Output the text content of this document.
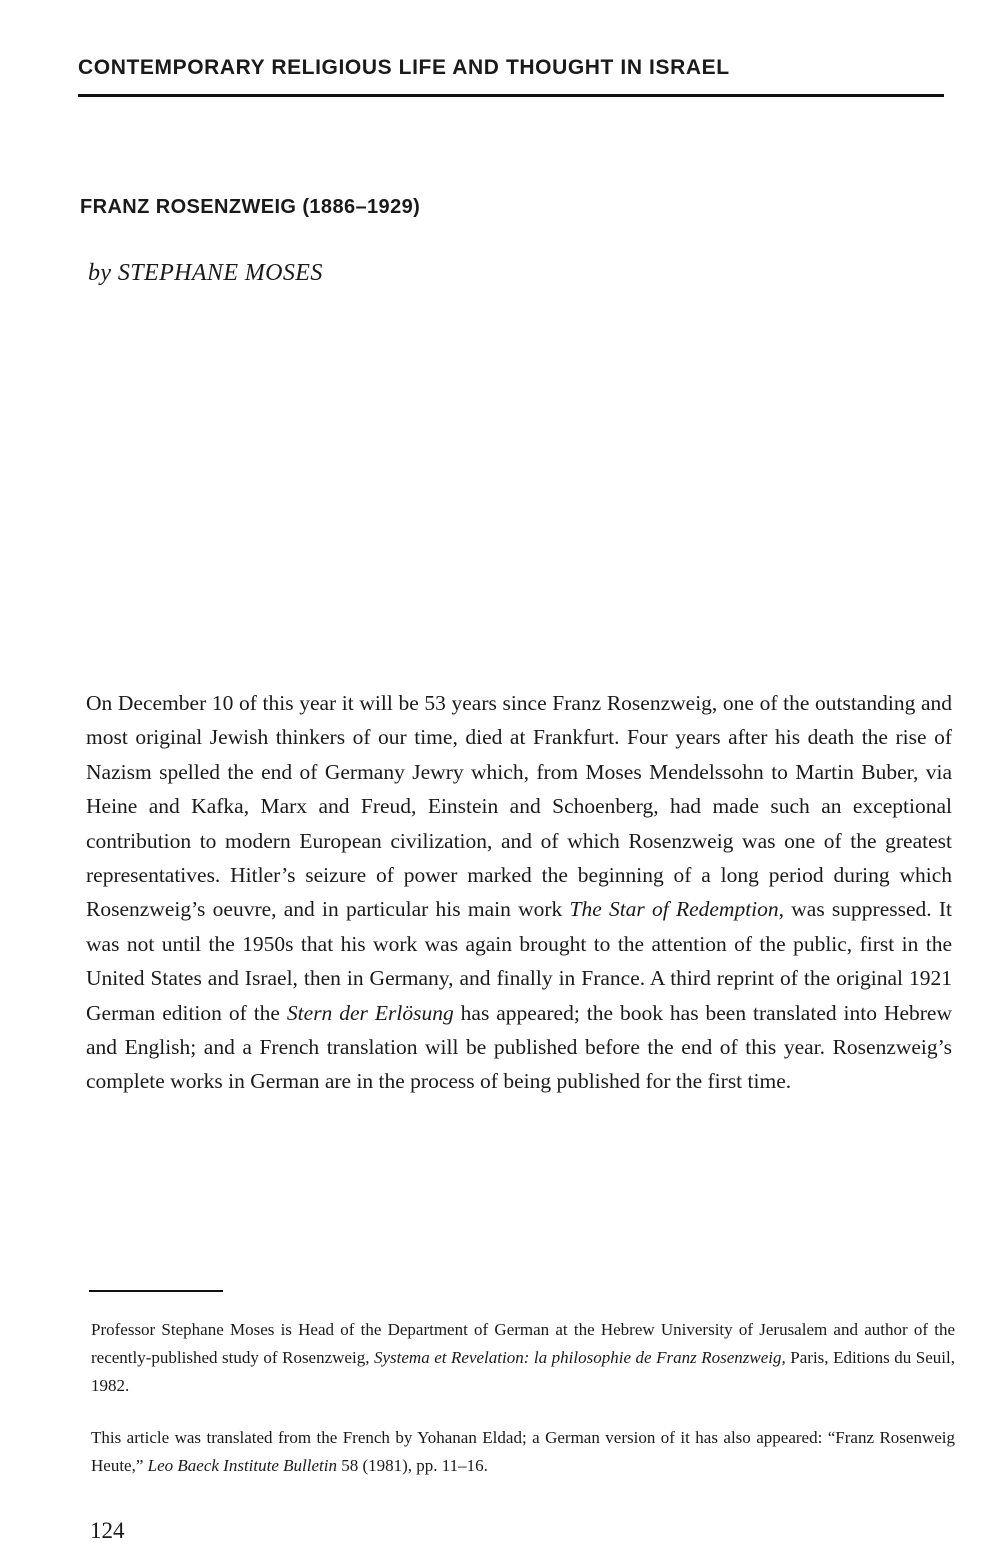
CONTEMPORARY RELIGIOUS LIFE AND THOUGHT IN ISRAEL
FRANZ ROSENZWEIG (1886–1929)
by STEPHANE MOSES

On December 10 of this year it will be 53 years since Franz Rosenzweig, one of the outstanding and most original Jewish thinkers of our time, died at Frankfurt. Four years after his death the rise of Nazism spelled the end of Germany Jewry which, from Moses Mendelssohn to Martin Buber, via Heine and Kafka, Marx and Freud, Einstein and Schoenberg, had made such an exceptional contribution to modern European civilization, and of which Rosenzweig was one of the greatest representatives. Hitler’s seizure of power marked the beginning of a long period during which Rosenzweig’s oeuvre, and in particular his main work The Star of Redemption, was suppressed. It was not until the 1950s that his work was again brought to the attention of the public, first in the United States and Israel, then in Germany, and finally in France. A third reprint of the original 1921 German edition of the Stern der Erlösung has appeared; the book has been translated into Hebrew and English; and a French translation will be published before the end of this year. Rosenzweig’s complete works in German are in the process of being published for the first time.

Professor Stephane Moses is Head of the Department of German at the Hebrew University of Jerusalem and author of the recently-published study of Rosenzweig, Systema et Revelation: la philosophie de Franz Rosenzweig, Paris, Editions du Seuil, 1982.

This article was translated from the French by Yohanan Eldad; a German version of it has also appeared: “Franz Rosenweig Heute,” Leo Baeck Institute Bulletin 58 (1981), pp. 11–16.

124
